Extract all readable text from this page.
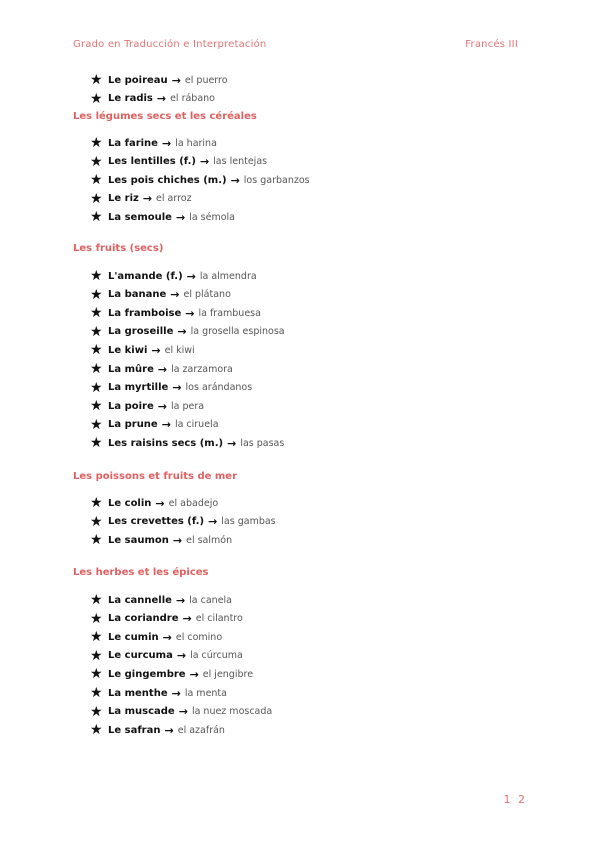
Grado en Traducción e Interpretación	Francés III
★ Le poireau → el puerro
★ Le radis → el rábano
Les légumes secs et les céréales
★ La farine → la harina
★ Les lentilles (f.) → las lentejas
★ Les pois chiches (m.) → los garbanzos
★ Le riz → el arroz
★ La semoule → la sémola
Les fruits (secs)
★ L'amande (f.) → la almendra
★ La banane → el plátano
★ La framboise → la frambuesa
★ La groseille → la grosella espinosa
★ Le kiwi → el kiwi
★ La mûre → la zarzamora
★ La myrtille → los arándanos
★ La poire → la pera
★ La prune → la ciruela
★ Les raisins secs (m.) → las pasas
Les poissons et fruits de mer
★ Le colin → el abadejo
★ Les crevettes (f.) → las gambas
★ Le saumon → el salmón
Les herbes et les épices
★ La cannelle → la canela
★ La coriandre → el cilantro
★ Le cumin → el comino
★ Le curcuma → la cúrcuma
★ Le gingembre → el jengibre
★ La menthe → la menta
★ La muscade → la nuez moscada
★ Le safran → el azafrán
1 2
